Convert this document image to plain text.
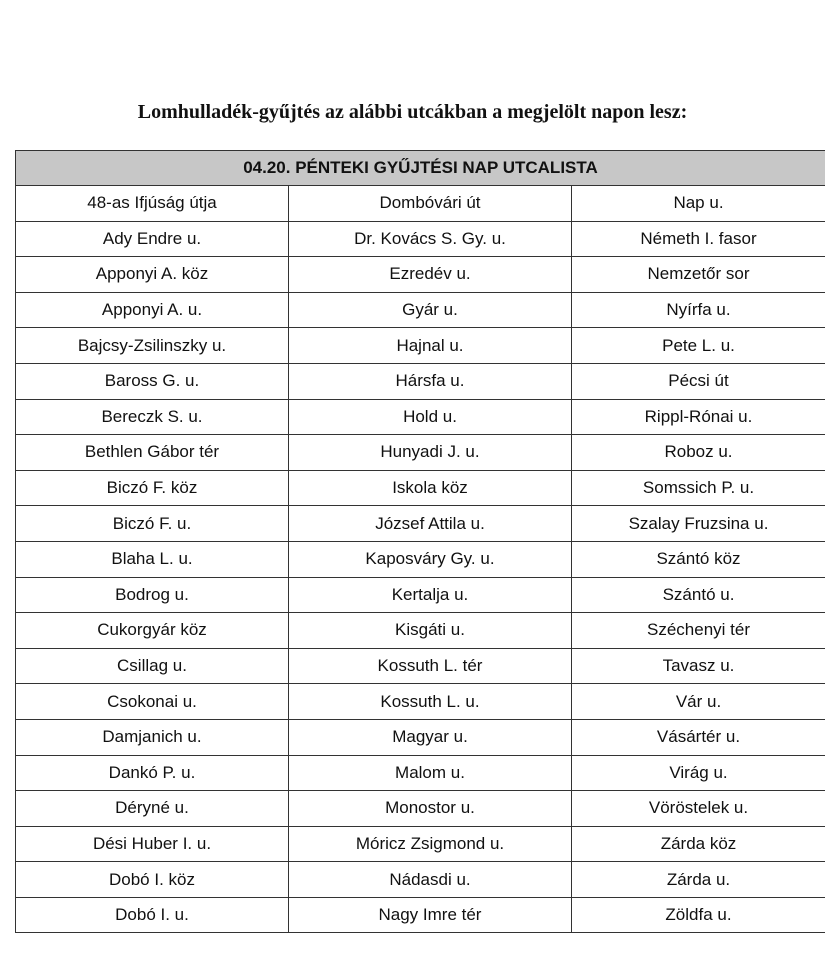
Lomhulladék-gyűjtés az alábbi utcákban a megjelölt napon lesz:
04.20. PÉNTEKI GYŰJTÉSI NAP UTCALISTA		
48-as Ifjúság útja	Dombóvári út	Nap u.
Ady Endre u.	Dr. Kovács S. Gy. u.	Németh I. fasor
Apponyi A. köz	Ezredév u.	Nemzetőr sor
Apponyi A. u.	Gyár u.	Nyírfa u.
Bajcsy-Zsilinszky u.	Hajnal u.	Pete L. u.
Baross G. u.	Hársfa u.	Pécsi út
Bereczk S. u.	Hold u.	Rippl-Rónai u.
Bethlen Gábor tér	Hunyadi J. u.	Roboz u.
Biczó F. köz	Iskola köz	Somssich P. u.
Biczó F. u.	József Attila u.	Szalay Fruzsina u.
Blaha L. u.	Kaposváry Gy. u.	Szántó köz
Bodrog u.	Kertalja u.	Szántó u.
Cukorgyár köz	Kisgáti u.	Széchenyi tér
Csillag u.	Kossuth L. tér	Tavasz u.
Csokonai u.	Kossuth L. u.	Vár u.
Damjanich u.	Magyar u.	Vásártér u.
Dankó P. u.	Malom u.	Virág u.
Déryné u.	Monostor u.	Vöröstelek u.
Dési Huber I. u.	Móricz Zsigmond u.	Zárda köz
Dobó I. köz	Nádasdi u.	Zárda u.
Dobó I. u.	Nagy Imre tér	Zöldfa u.
